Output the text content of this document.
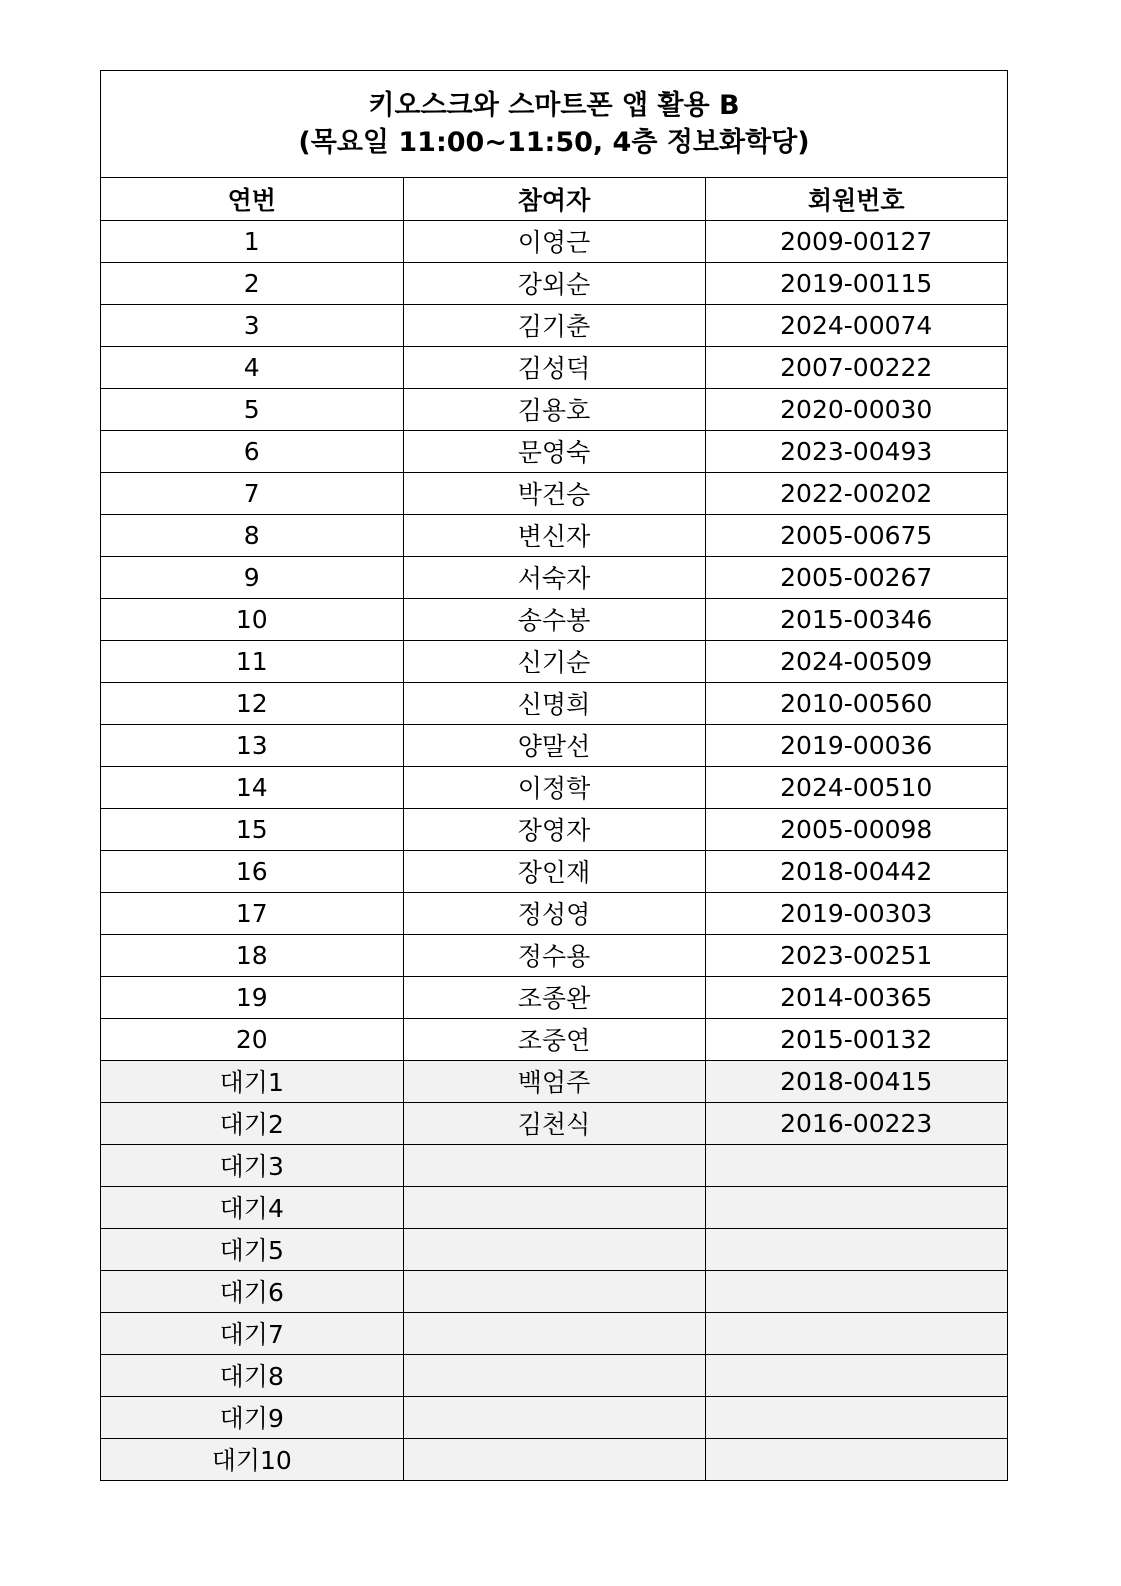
키오스크와 스마트폰 앱 활용 B
(목요일 11:00~11:50, 4층 정보화학당)
연번	참여자	회원번호
1	이영근	2009-00127
2	강외순	2019-00115
3	김기춘	2024-00074
4	김성덕	2007-00222
5	김용호	2020-00030
6	문영숙	2023-00493
7	박건승	2022-00202
8	변신자	2005-00675
9	서숙자	2005-00267
10	송수봉	2015-00346
11	신기순	2024-00509
12	신명희	2010-00560
13	양말선	2019-00036
14	이정학	2024-00510
15	장영자	2005-00098
16	장인재	2018-00442
17	정성영	2019-00303
18	정수용	2023-00251
19	조종완	2014-00365
20	조중연	2015-00132
대기1	백엄주	2018-00415
대기2	김천식	2016-00223
대기3		
대기4		
대기5		
대기6		
대기7		
대기8		
대기9		
대기10		
